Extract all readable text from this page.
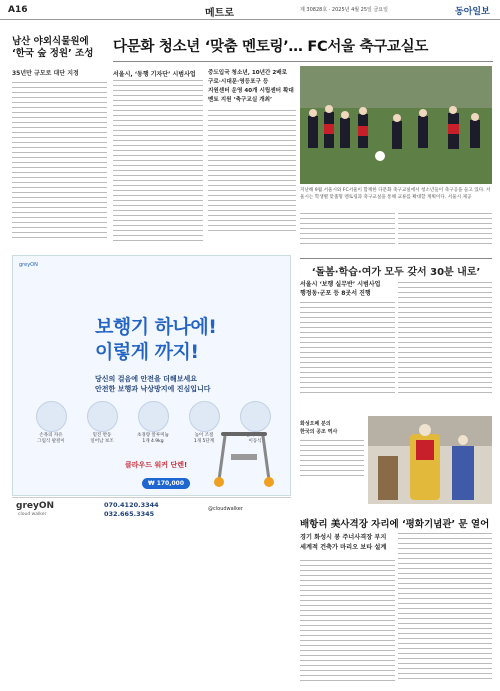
A16	메트로	제 30828호 · 2025년 4월 25일 금요일	동아일보
남산 야외식물원에
‘한국 숲 정원’ 조성
35년만 규모로 대단 지정
다문화 청소년 ‘맞춤 멘토링’… FC서울 축구교실도
서울시, ‘동행 기자단’ 시범사업	중도입국 청소년, 10년간 2배로
구로·시대문·영등포구 등
지원센터 운영 40개 시립센터 확대
멘토 지원 ‘축구교실 개최’
지난해 9월 서울시와 FC서울이 함께한 다문화 축구교실에서 청소년들이 축구공을 들고 있다. 서울시는 학생별 맞춤형 멘토링과 축구교실을 통해 교류를 확대할 계획이다. 서울시 제공
‘돌봄·학습·여가 모두 갖서 30분 내로’
서울시 ‘보행 실무반’ 시범사업
행정동·군포 등 8곳서 진행
화성오페 분의
한국의 공조 역사
배항리 美사격장 자리에 ‘평화기념관’ 문 열어
경기 화성시 봉 주너사격장 부지
세계적 건축가 마리오 보타 설계
greyON
보행기 하나에!
이렇게 까지!
당신의 걸음에 안전을 더해보세요
안전한 보행과 낙상방지에 진심입니다
손목의 자유
그립식 팔걸이
밑진 반동
일어남 보조
초경량 알루미늄
1개 4.9kg
높이 조절
1개 5단계	이동식
클라우드 워커 단렌!
₩ 170,000
greyON
cloud walker
070.4120.3344
032.665.3345
@cloudwalker
